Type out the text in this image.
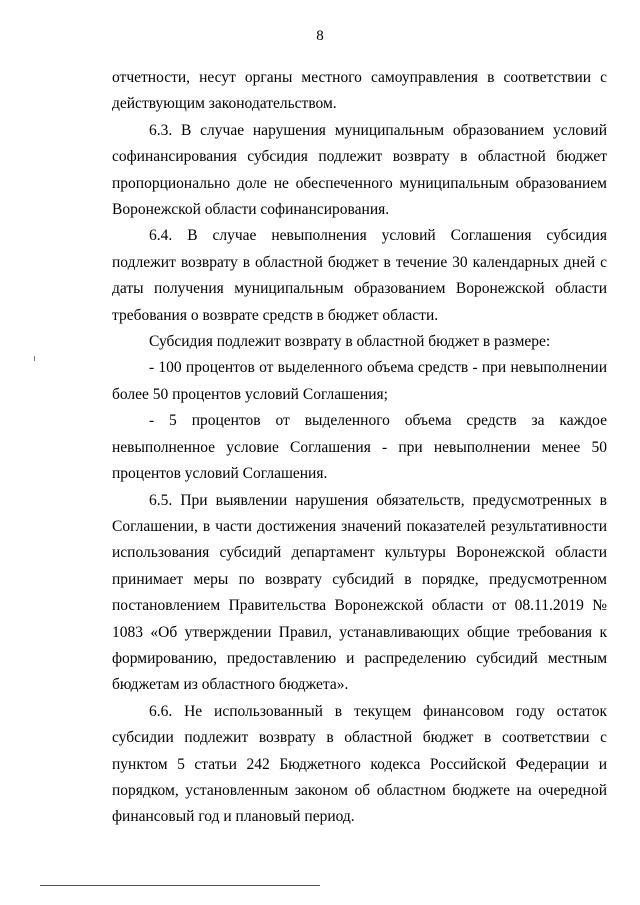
8

отчетности, несут органы местного самоуправления в соответствии с действующим законодательством.

6.3. В случае нарушения муниципальным образованием условий софинансирования субсидия подлежит возврату в областной бюджет пропорционально доле не обеспеченного муниципальным образованием Воронежской области софинансирования.

6.4. В случае невыполнения условий Соглашения субсидия подлежит возврату в областной бюджет в течение 30 календарных дней с даты получения муниципальным образованием Воронежской области требования о возврате средств в бюджет области.

Субсидия подлежит возврату в областной бюджет в размере:

- 100 процентов от выделенного объема средств - при невыполнении более 50 процентов условий Соглашения;

- 5 процентов от выделенного объема средств за каждое невыполненное условие Соглашения - при невыполнении менее 50 процентов условий Соглашения.

6.5. При выявлении нарушения обязательств, предусмотренных в Соглашении, в части достижения значений показателей результативности использования субсидий департамент культуры Воронежской области принимает меры по возврату субсидий в порядке, предусмотренном постановлением Правительства Воронежской области от 08.11.2019 № 1083 «Об утверждении Правил, устанавливающих общие требования к формированию, предоставлению и распределению субсидий местным бюджетам из областного бюджета».

6.6. Не использованный в текущем финансовом году остаток субсидии подлежит возврату в областной бюджет в соответствии с пунктом 5 статьи 242 Бюджетного кодекса Российской Федерации и порядком, установленным законом об областном бюджете на очередной финансовый год и плановый период.
